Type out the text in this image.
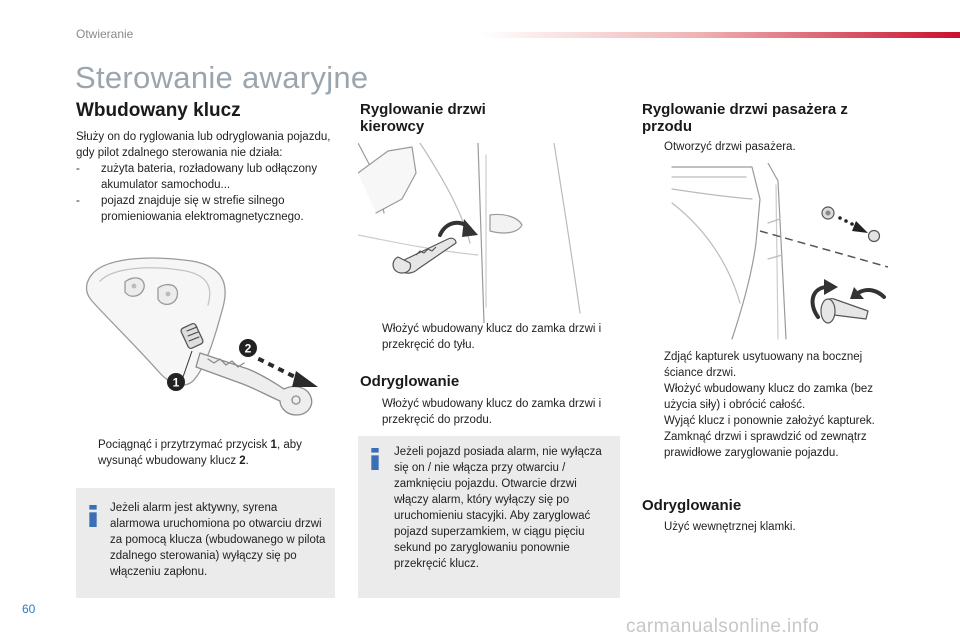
Otwieranie
Sterowanie awaryjne
Wbudowany klucz
Służy on do ryglowania lub odryglowania pojazdu, gdy pilot zdalnego sterowania nie działa:
-	zużyta bateria, rozładowany lub odłączony akumulator samochodu...
-	pojazd znajduje się w strefie silnego promieniowania elektromagnetycznego.
1
2
Pociągnąć i przytrzymać przycisk 1, aby wysunąć wbudowany klucz 2.
i
Jeżeli alarm jest aktywny, syrena alarmowa uruchomiona po otwarciu drzwi za pomocą klucza (wbudowanego w pilota zdalnego sterowania) wyłączy się po włączeniu zapłonu.
Ryglowanie drzwi kierowcy
Włożyć wbudowany klucz do zamka drzwi i przekręcić do tyłu.
Odryglowanie
Włożyć wbudowany klucz do zamka drzwi i przekręcić do przodu.
Jeżeli pojazd posiada alarm, nie wyłącza się on / nie włącza przy otwarciu / zamknięciu pojazdu. Otwarcie drzwi włączy alarm, który wyłączy się po uruchomieniu stacyjki. Aby zaryglować pojazd superzamkiem, w ciągu pięciu sekund po zaryglowaniu ponownie przekręcić klucz.
Ryglowanie drzwi pasażera z przodu
Otworzyć drzwi pasażera.
Zdjąć kapturek usytuowany na bocznej ściance drzwi.
Włożyć wbudowany klucz do zamka (bez użycia siły) i obrócić całość.
Wyjąć klucz i ponownie założyć kapturek.
Zamknąć drzwi i sprawdzić od zewnątrz prawidłowe zaryglowanie pojazdu.
Odryglowanie
Użyć wewnętrznej klamki.
60
carmanualsonline.info
